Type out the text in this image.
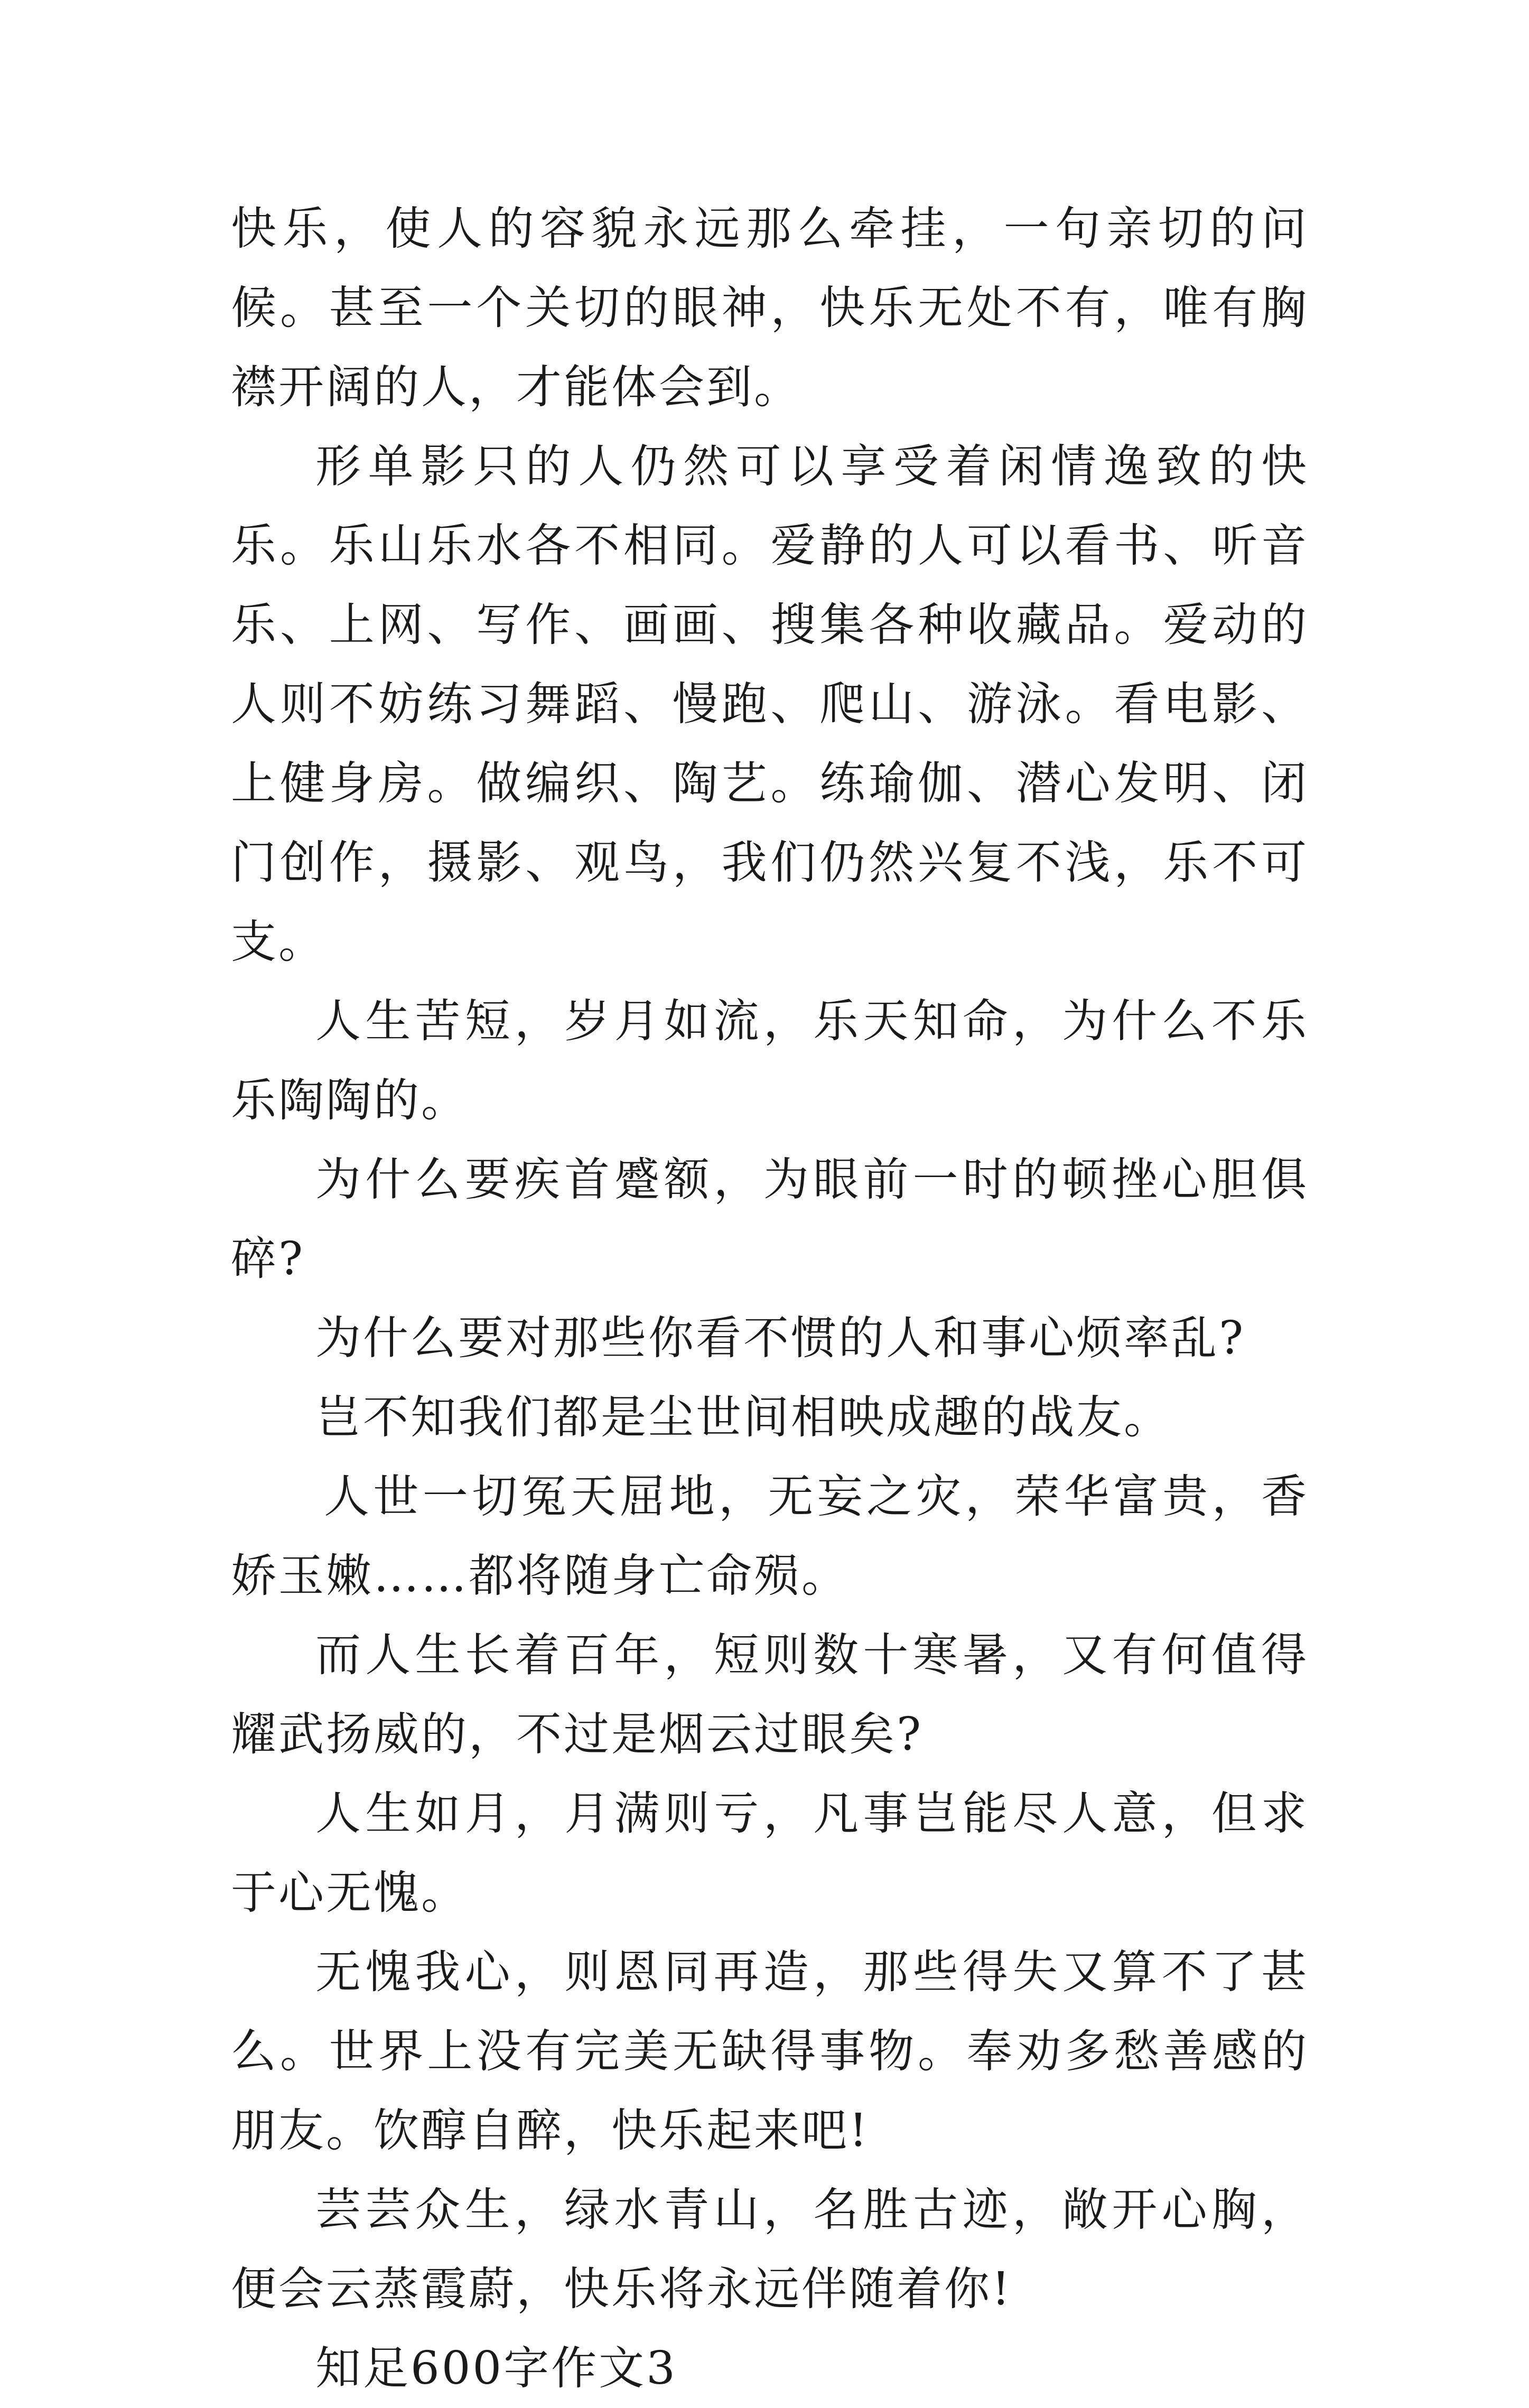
快乐，使人的容貌永远那么牵挂，一句亲切的问候。甚至一个关切的眼神，快乐无处不有，唯有胸襟开阔的人，才能体会到。

形单影只的人仍然可以享受着闲情逸致的快乐。乐山乐水各不相同。爱静的人可以看书、听音乐、上网、写作、画画、搜集各种收藏品。爱动的人则不妨练习舞蹈、慢跑、爬山、游泳。看电影、上健身房。做编织、陶艺。练瑜伽、潜心发明、闭门创作，摄影、观鸟，我们仍然兴复不浅，乐不可支。

人生苦短，岁月如流，乐天知命，为什么不乐乐陶陶的。

为什么要疾首蹙额，为眼前一时的顿挫心胆俱碎?

为什么要对那些你看不惯的人和事心烦率乱?

岂不知我们都是尘世间相映成趣的战友。

人世一切冤天屈地，无妄之灾，荣华富贵，香娇玉嫩……都将随身亡命殒。

而人生长着百年，短则数十寒暑，又有何值得耀武扬威的，不过是烟云过眼矣?

人生如月，月满则亏，凡事岂能尽人意，但求于心无愧。

无愧我心，则恩同再造，那些得失又算不了甚么。世界上没有完美无缺得事物。奉劝多愁善感的朋友。饮醇自醉，快乐起来吧!

芸芸众生，绿水青山，名胜古迹，敞开心胸，便会云蒸霞蔚，快乐将永远伴随着你!

知足600字作文3
